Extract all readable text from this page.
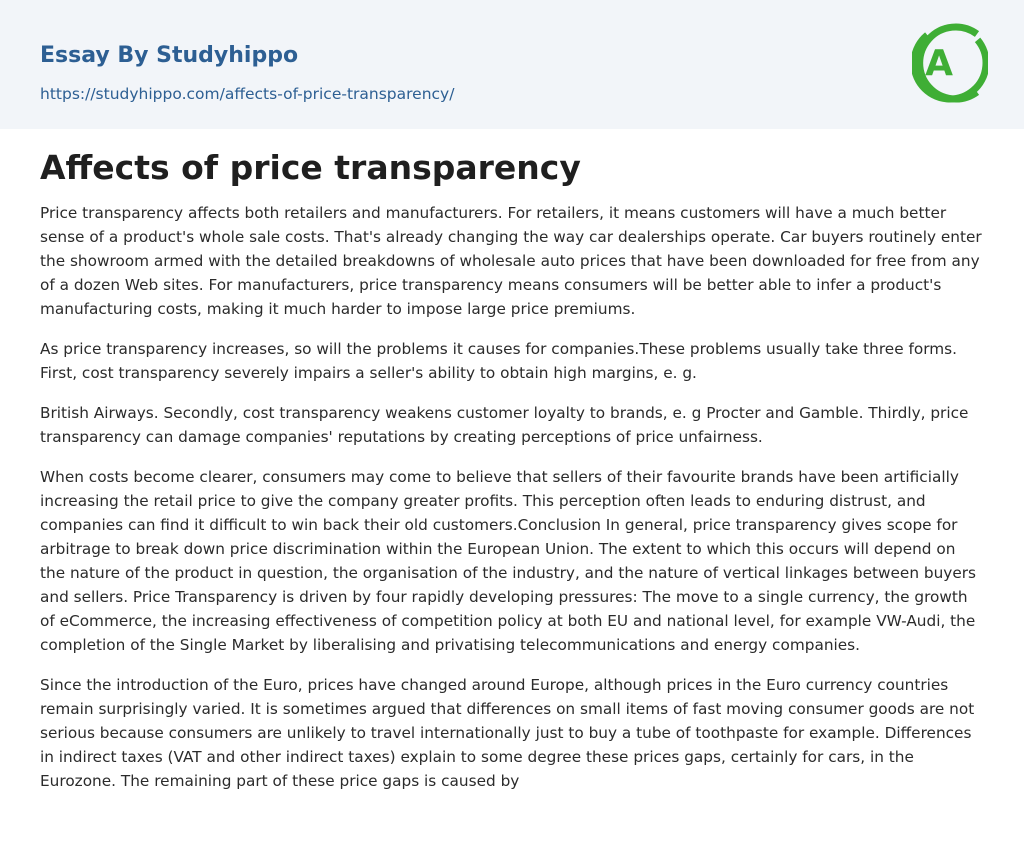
Essay By Studyhippo
https://studyhippo.com/affects-of-price-transparency/
A
Affects of price transparency

Price transparency affects both retailers and manufacturers. For retailers, it means customers will have a much better sense of a product's whole sale costs. That's already changing the way car dealerships operate. Car buyers routinely enter the showroom armed with the detailed breakdowns of wholesale auto prices that have been downloaded for free from any of a dozen Web sites. For manufacturers, price transparency means consumers will be better able to infer a product's manufacturing costs, making it much harder to impose large price premiums.

As price transparency increases, so will the problems it causes for companies.These problems usually take three forms. First, cost transparency severely impairs a seller's ability to obtain high margins, e. g.

British Airways. Secondly, cost transparency weakens customer loyalty to brands, e. g Procter and Gamble. Thirdly, price transparency can damage companies' reputations by creating perceptions of price unfairness.

When costs become clearer, consumers may come to believe that sellers of their favourite brands have been artificially increasing the retail price to give the company greater profits. This perception often leads to enduring distrust, and companies can find it difficult to win back their old customers.Conclusion In general, price transparency gives scope for arbitrage to break down price discrimination within the European Union. The extent to which this occurs will depend on the nature of the product in question, the organisation of the industry, and the nature of vertical linkages between buyers and sellers. Price Transparency is driven by four rapidly developing pressures: The move to a single currency, the growth of eCommerce, the increasing effectiveness of competition policy at both EU and national level, for example VW-Audi, the completion of the Single Market by liberalising and privatising telecommunications and energy companies.

Since the introduction of the Euro, prices have changed around Europe, although prices in the Euro currency countries remain surprisingly varied. It is sometimes argued that differences on small items of fast moving consumer goods are not serious because consumers are unlikely to travel internationally just to buy a tube of toothpaste for example. Differences in indirect taxes (VAT and other indirect taxes) explain to some degree these prices gaps, certainly for cars, in the Eurozone. The remaining part of these price gaps is caused by
